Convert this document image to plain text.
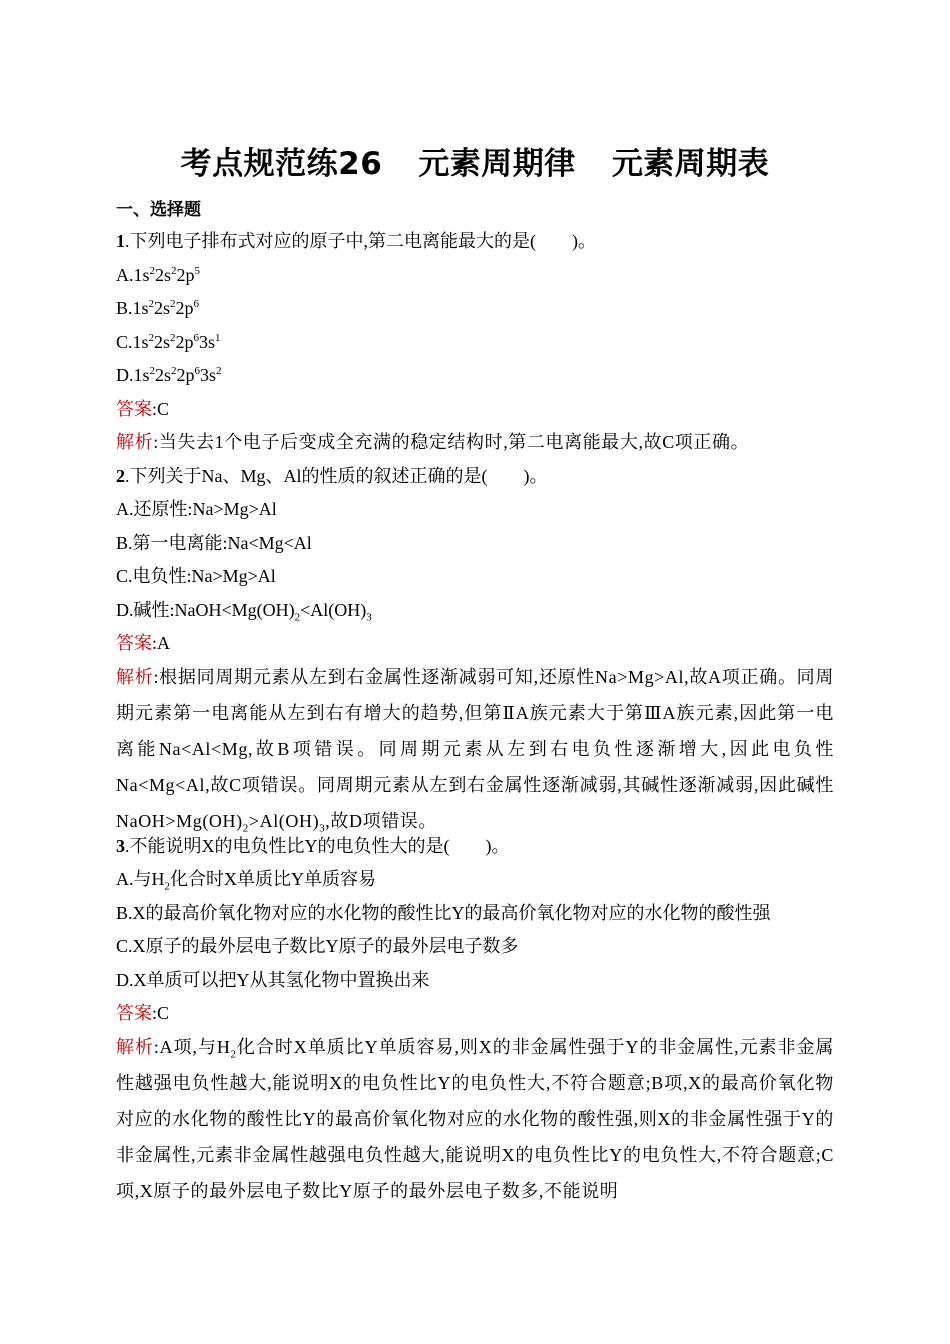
考点规范练26 元素周期律 元素周期表
一、选择题
1.下列电子排布式对应的原子中,第二电离能最大的是(　　)。
$A.1s^22s^22p^5$
$B.1s^22s^22p^6$
$C.1s^22s^22p^63s^1$
$D.1s^22s^22p^63s^2$
答案:C
解析:当失去1个电子后变成全充满的稳定结构时,第二电离能最大,故C项正确。
2.下列关于Na、Mg、Al的性质的叙述正确的是(　　)。
A.还原性:Na>Mg>Al
B.第一电离能:Na<Mg<Al
C.电负性:Na>Mg>Al
D.碱性$:NaOH<Mg(OH)_2<Al(OH)_3$
答案:A
解析:根据同周期元素从左到右金属性逐渐减弱可知,还原性Na>Mg>Al,故A项正确。同周期元素第一电离能从左到右有增大的趋势,但第ⅡA族元素大于第ⅢA族元素,因此第一电离能Na<Al<Mg,故B项错误。同周期元素从左到右电负性逐渐增大,因此电负性Na<Mg<Al,故C项错误。同周期元素从左到右金属性逐渐减弱,其碱性逐渐减弱,因此碱性$NaOH>Mg(OH)_2>Al(OH)_3$,故D项错误。
3.不能说明X的电负性比Y的电负性大的是(　　)。
A.与$H_2$化合时X单质比Y单质容易
B.X的最高价氧化物对应的水化物的酸性比Y的最高价氧化物对应的水化物的酸性强
C.X原子的最外层电子数比Y原子的最外层电子数多
D.X单质可以把Y从其氢化物中置换出来
答案:C
解析:A项,与$H_2$化合时X单质比Y单质容易,则X的非金属性强于Y的非金属性,元素非金属性越强电负性越大,能说明X的电负性比Y的电负性大,不符合题意;B项,X的最高价氧化物对应的水化物的酸性比Y的最高价氧化物对应的水化物的酸性强,则X的非金属性强于Y的非金属性,元素非金属性越强电负性越大,能说明X的电负性比Y的电负性大,不符合题意;C项,X原子的最外层电子数比Y原子的最外层电子数多,不能说明
